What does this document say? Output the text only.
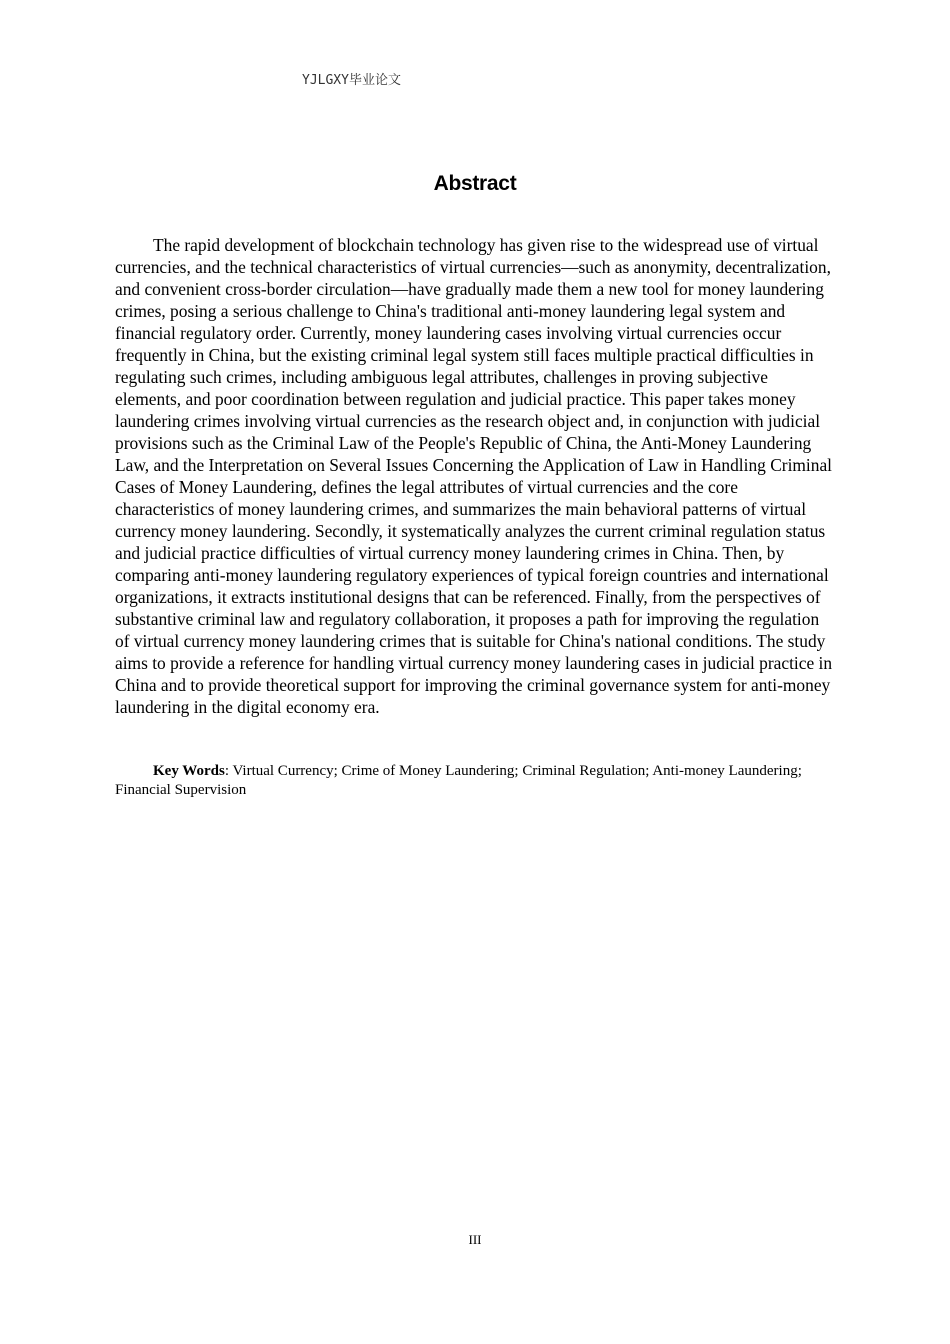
YJLGXY毕业论文
Abstract

The rapid development of blockchain technology has given rise to the widespread use of virtual currencies, and the technical characteristics of virtual currencies—such as anonymity, decentralization, and convenient cross-border circulation—have gradually made them a new tool for money laundering crimes, posing a serious challenge to China's traditional anti-money laundering legal system and financial regulatory order. Currently, money laundering cases involving virtual currencies occur frequently in China, but the existing criminal legal system still faces multiple practical difficulties in regulating such crimes, including ambiguous legal attributes, challenges in proving subjective elements, and poor coordination between regulation and judicial practice. This paper takes money laundering crimes involving virtual currencies as the research object and, in conjunction with judicial provisions such as the Criminal Law of the People's Republic of China, the Anti-Money Laundering Law, and the Interpretation on Several Issues Concerning the Application of Law in Handling Criminal Cases of Money Laundering, defines the legal attributes of virtual currencies and the core characteristics of money laundering crimes, and summarizes the main behavioral patterns of virtual currency money laundering. Secondly, it systematically analyzes the current criminal regulation status and judicial practice difficulties of virtual currency money laundering crimes in China. Then, by comparing anti-money laundering regulatory experiences of typical foreign countries and international organizations, it extracts institutional designs that can be referenced. Finally, from the perspectives of substantive criminal law and regulatory collaboration, it proposes a path for improving the regulation of virtual currency money laundering crimes that is suitable for China's national conditions. The study aims to provide a reference for handling virtual currency money laundering cases in judicial practice in China and to provide theoretical support for improving the criminal governance system for anti-money laundering in the digital economy era.

Key Words: Virtual Currency; Crime of Money Laundering; Criminal Regulation; Anti-money Laundering; Financial Supervision

III
